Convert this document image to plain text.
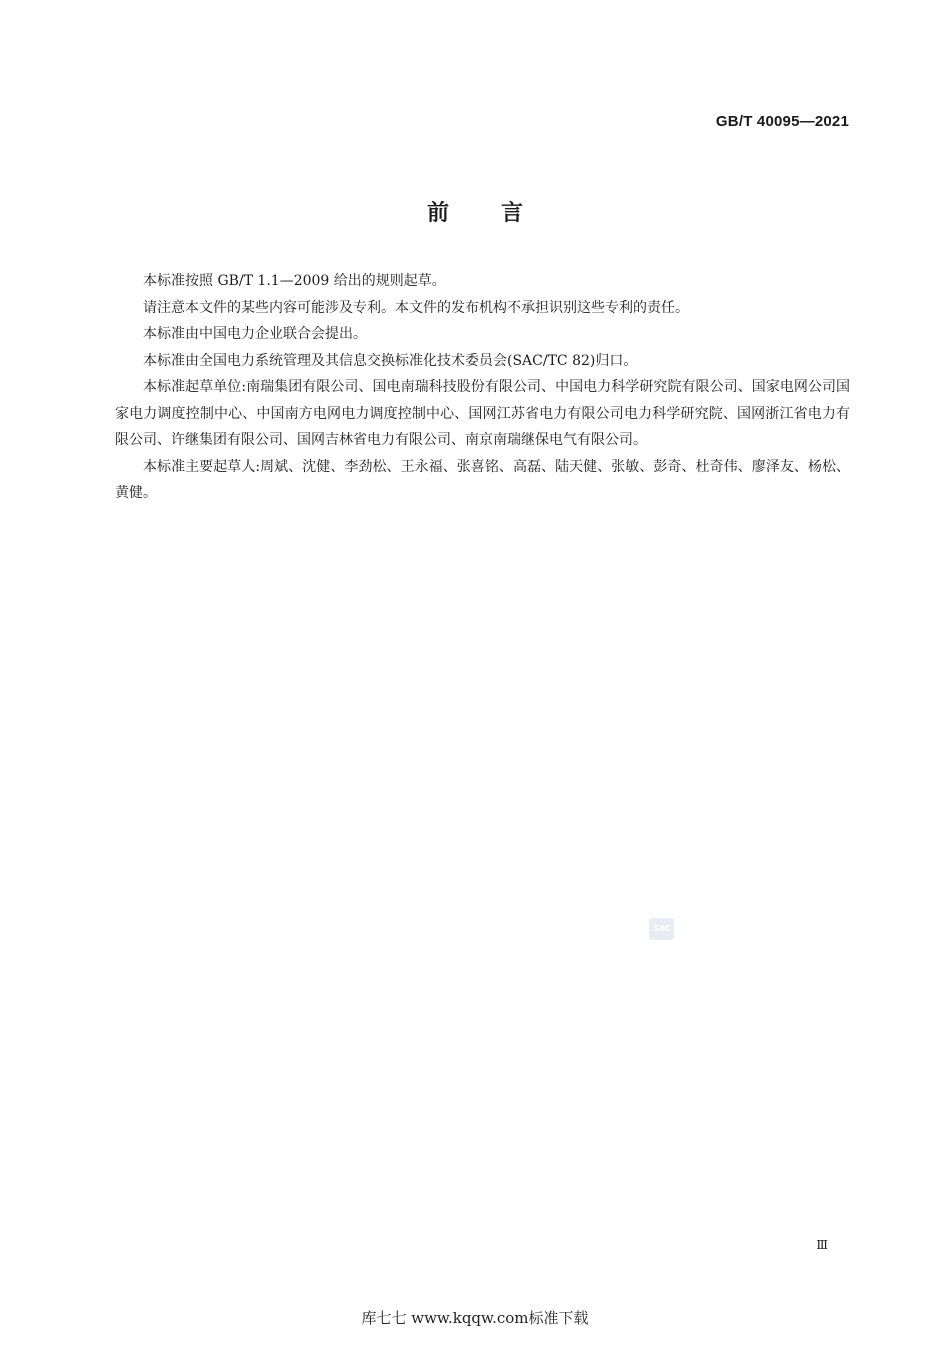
GB/T 40095—2021
前言

本标准按照 GB/T 1.1—2009 给出的规则起草。

请注意本文件的某些内容可能涉及专利。本文件的发布机构不承担识别这些专利的责任。

本标准由中国电力企业联合会提出。

本标准由全国电力系统管理及其信息交换标准化技术委员会(SAC/TC 82)归口。

本标准起草单位:南瑞集团有限公司、国电南瑞科技股份有限公司、中国电力科学研究院有限公司、国家电网公司国家电力调度控制中心、中国南方电网电力调度控制中心、国网江苏省电力有限公司电力科学研究院、国网浙江省电力有限公司、许继集团有限公司、国网吉林省电力有限公司、南京南瑞继保电气有限公司。

本标准主要起草人:周斌、沈健、李劲松、王永福、张喜铭、高磊、陆天健、张敏、彭奇、杜奇伟、廖泽友、杨松、黄健。

SAC
Ⅲ
库七七 www.kqqw.com标准下载
